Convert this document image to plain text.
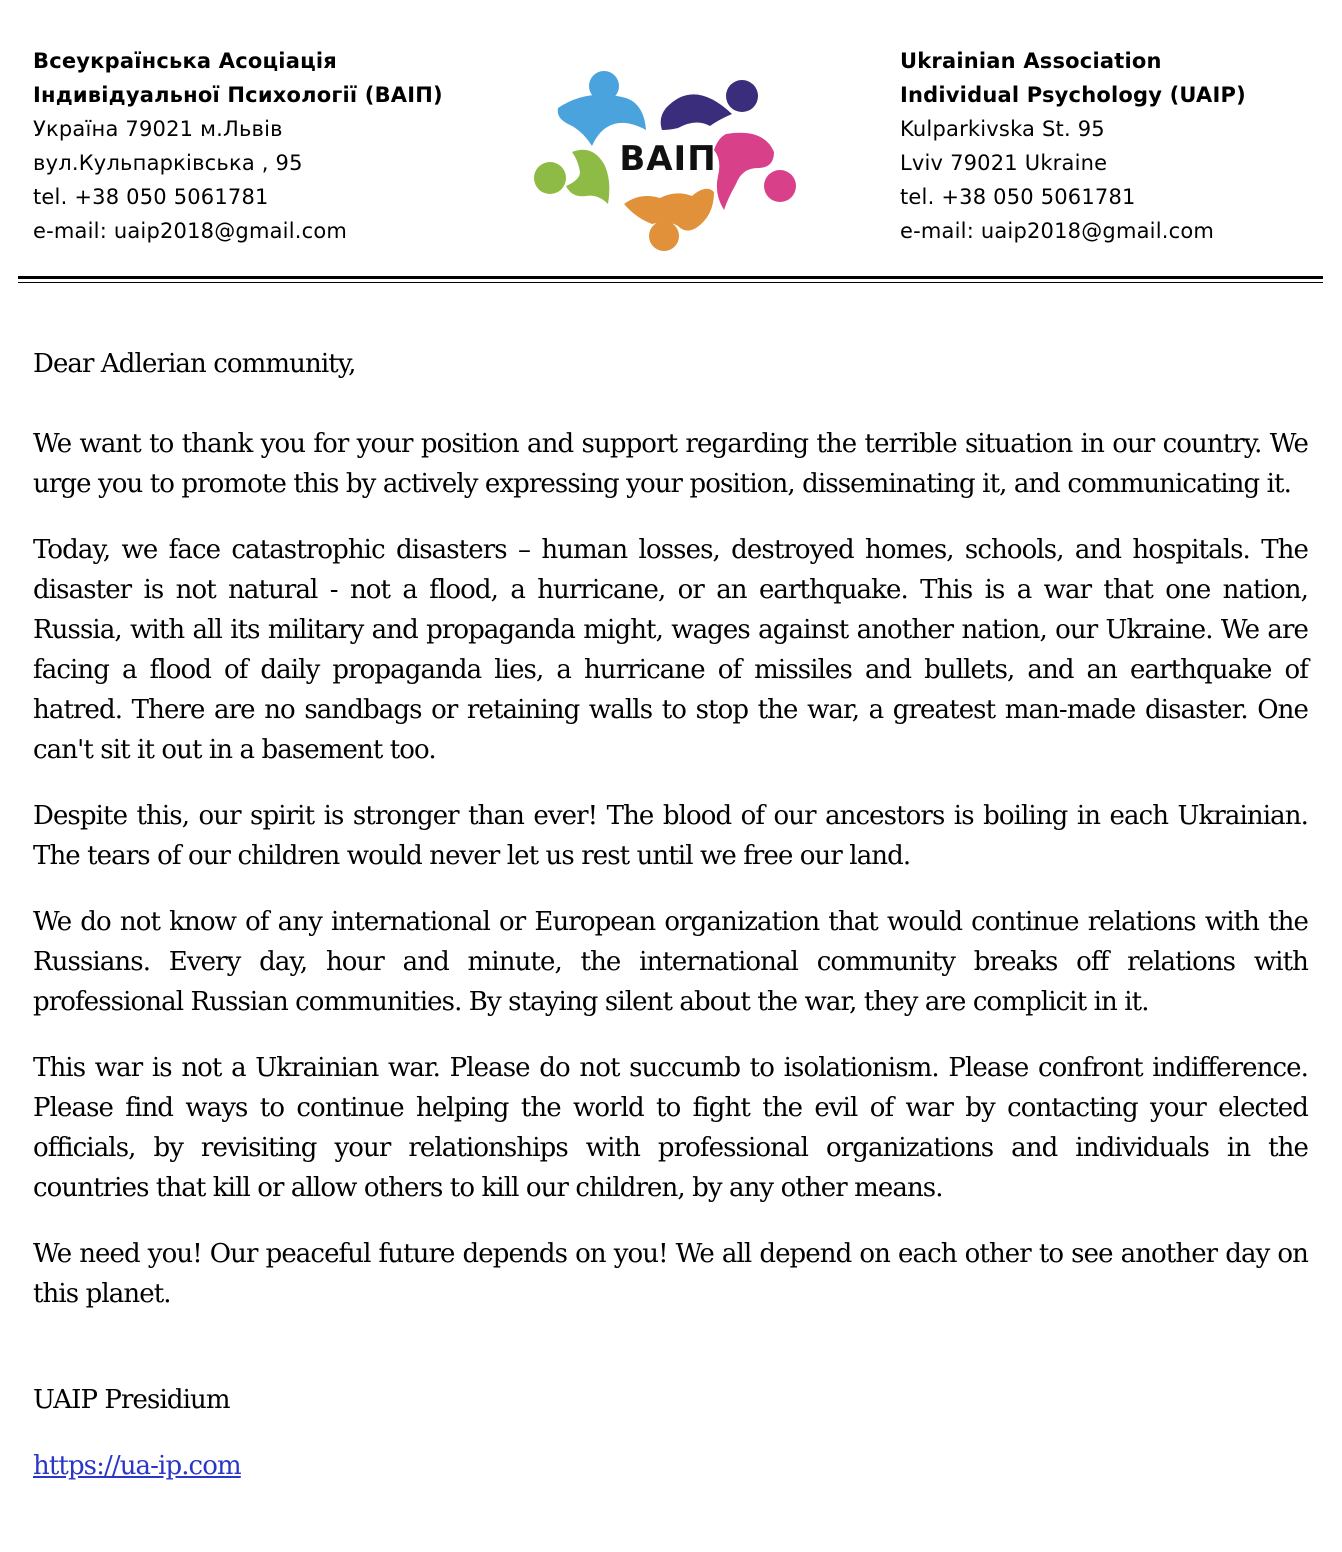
Всеукраїнська Асоціація
Індивідуальної Психології (ВАІП)
Україна 79021 м.Львів
вул.Кульпарківська , 95
tel. +38 050 5061781
e-mail: uaip2018@gmail.com
ВАІП
Ukrainian Association
Individual Psychology (UAIP)
Kulparkivska St. 95
Lviv 79021 Ukraine
tel. +38 050 5061781
e-mail: uaip2018@gmail.com

Dear Adlerian community,

We want to thank you for your position and support regarding the terrible situation in our country. We urge you to promote this by actively expressing your position, disseminating it, and communicating it.

Today, we face catastrophic disasters – human losses, destroyed homes, schools, and hospitals. The disaster is not natural - not a flood, a hurricane, or an earthquake. This is a war that one nation, Russia, with all its military and propaganda might, wages against another nation, our Ukraine. We are facing a flood of daily propaganda lies, a hurricane of missiles and bullets, and an earthquake of hatred. There are no sandbags or retaining walls to stop the war, a greatest man-made disaster. One can't sit it out in a basement too.

Despite this, our spirit is stronger than ever! The blood of our ancestors is boiling in each Ukrainian. The tears of our children would never let us rest until we free our land.

We do not know of any international or European organization that would continue relations with the Russians. Every day, hour and minute, the international community breaks off relations with professional Russian communities. By staying silent about the war, they are complicit in it.

This war is not a Ukrainian war. Please do not succumb to isolationism. Please confront indifference. Please find ways to continue helping the world to fight the evil of war by contacting your elected officials, by revisiting your relationships with professional organizations and individuals in the countries that kill or allow others to kill our children, by any other means.

We need you! Our peaceful future depends on you! We all depend on each other to see another day on this planet.

UAIP Presidium

https://ua-ip.com
